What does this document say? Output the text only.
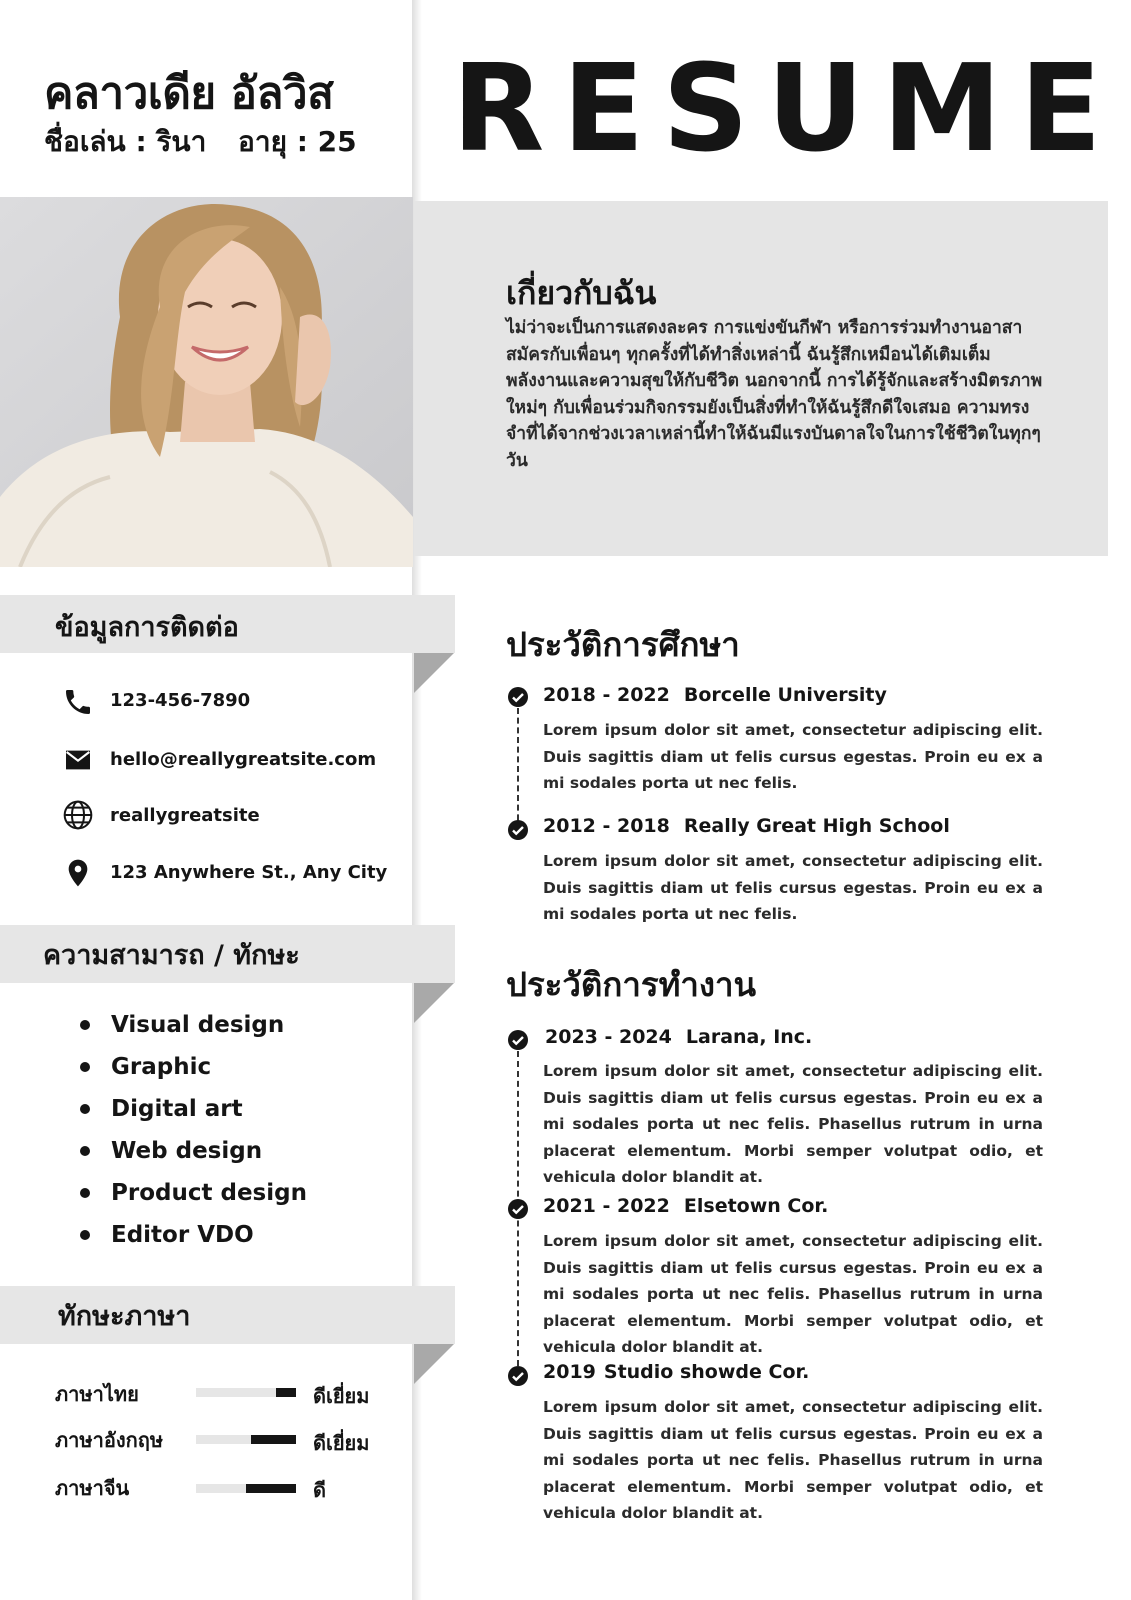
คลาวเดีย อัลวิส
ชื่อเล่น : รินา อายุ : 25 RESUME
เกี่ยวกับฉัน
ไม่ว่าจะเป็นการแสดงละคร การแข่งขันกีฬา หรือการร่วมทำงานอาสาสมัครกับเพื่อนๆ ทุกครั้งที่ได้ทำสิ่งเหล่านี้ ฉันรู้สึกเหมือนได้เติมเต็มพลังงานและความสุขให้กับชีวิต นอกจากนี้ การได้รู้จักและสร้างมิตรภาพใหม่ๆ กับเพื่อนร่วมกิจกรรมยังเป็นสิ่งที่ทำให้ฉันรู้สึกดีใจเสมอ ความทรงจำที่ได้จากช่วงเวลาเหล่านี้ทำให้ฉันมีแรงบันดาลใจในการใช้ชีวิตในทุกๆ วัน
ข้อมูลการติดต่อ
123-456-7890
hello@reallygreatsite.com
reallygreatsite
123 Anywhere St., Any City
ความสามารถ / ทักษะ
Visual design
Graphic
Digital art
Web design
Product design
Editor VDO
ทักษะภาษา
ภาษาไทย	ดีเยี่ยม
ภาษาอังกฤษ	ดีเยี่ยม
ภาษาจีน	ดี
ประวัติการศึกษา
2018 - 2022 Borcelle University
Lorem ipsum dolor sit amet, consectetur adipiscing elit. Duis sagittis diam ut felis cursus egestas. Proin eu ex a mi sodales porta ut nec felis.
2012 - 2018 Really Great High School
Lorem ipsum dolor sit amet, consectetur adipiscing elit. Duis sagittis diam ut felis cursus egestas. Proin eu ex a mi sodales porta ut nec felis.
ประวัติการทำงาน
2023 - 2024 Larana, Inc.
Lorem ipsum dolor sit amet, consectetur adipiscing elit. Duis sagittis diam ut felis cursus egestas. Proin eu ex a mi sodales porta ut nec felis. Phasellus rutrum in urna placerat elementum. Morbi semper volutpat odio, et vehicula dolor blandit at.
2021 - 2022 Elsetown Cor.
Lorem ipsum dolor sit amet, consectetur adipiscing elit. Duis sagittis diam ut felis cursus egestas. Proin eu ex a mi sodales porta ut nec felis. Phasellus rutrum in urna placerat elementum. Morbi semper volutpat odio, et vehicula dolor blandit at.
2019 Studio showde Cor.
Lorem ipsum dolor sit amet, consectetur adipiscing elit. Duis sagittis diam ut felis cursus egestas. Proin eu ex a mi sodales porta ut nec felis. Phasellus rutrum in urna placerat elementum. Morbi semper volutpat odio, et vehicula dolor blandit at.
